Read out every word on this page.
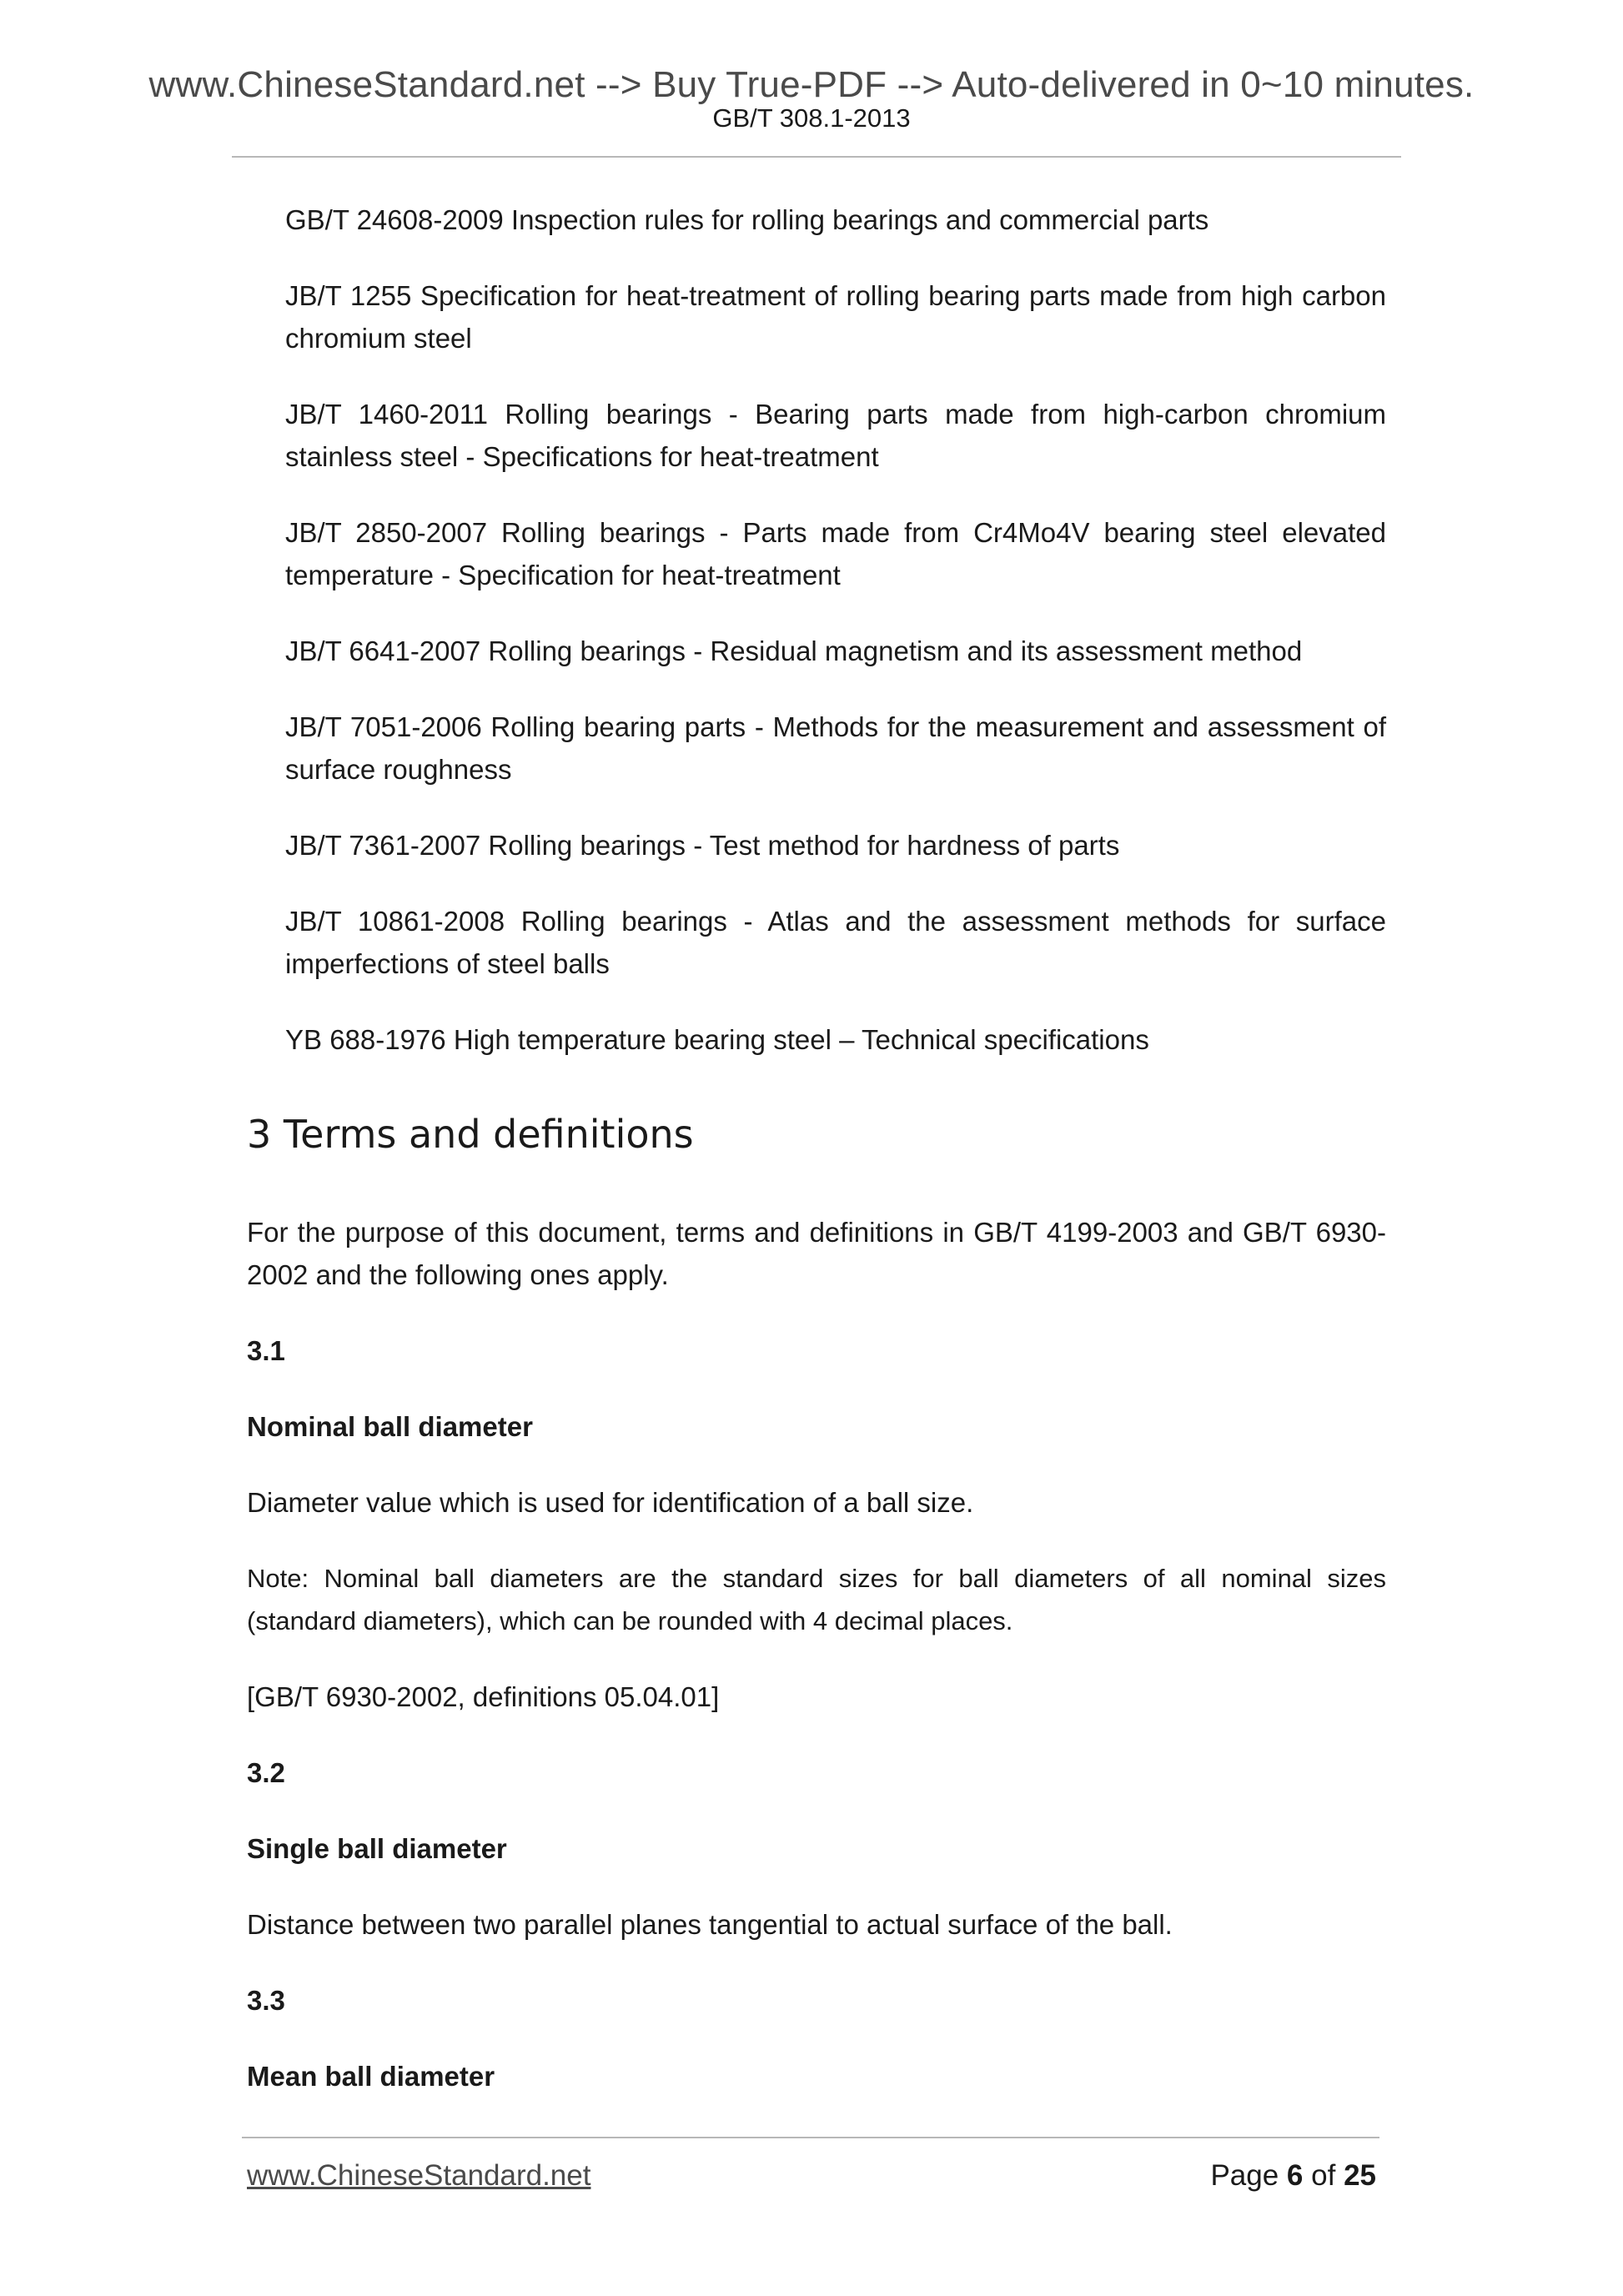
www.ChineseStandard.net --> Buy True-PDF --> Auto-delivered in 0~10 minutes.
GB/T 308.1-2013
GB/T 24608-2009 Inspection rules for rolling bearings and commercial parts
JB/T 1255 Specification for heat-treatment of rolling bearing parts made from high carbon chromium steel
JB/T 1460-2011 Rolling bearings - Bearing parts made from high-carbon chromium stainless steel - Specifications for heat-treatment
JB/T 2850-2007 Rolling bearings - Parts made from Cr4Mo4V bearing steel elevated temperature - Specification for heat-treatment
JB/T 6641-2007 Rolling bearings - Residual magnetism and its assessment method
JB/T 7051-2006 Rolling bearing parts - Methods for the measurement and assessment of surface roughness
JB/T 7361-2007 Rolling bearings - Test method for hardness of parts
JB/T 10861-2008 Rolling bearings - Atlas and the assessment methods for surface imperfections of steel balls
YB 688-1976 High temperature bearing steel – Technical specifications
3 Terms and definitions

For the purpose of this document, terms and definitions in GB/T 4199-2003 and GB/T 6930-2002 and the following ones apply.

3.1

Nominal ball diameter

Diameter value which is used for identification of a ball size.

Note: Nominal ball diameters are the standard sizes for ball diameters of all nominal sizes (standard diameters), which can be rounded with 4 decimal places.

[GB/T 6930-2002, definitions 05.04.01]

3.2

Single ball diameter

Distance between two parallel planes tangential to actual surface of the ball.

3.3

Mean ball diameter

www.ChineseStandard.net	Page 6 of 25
